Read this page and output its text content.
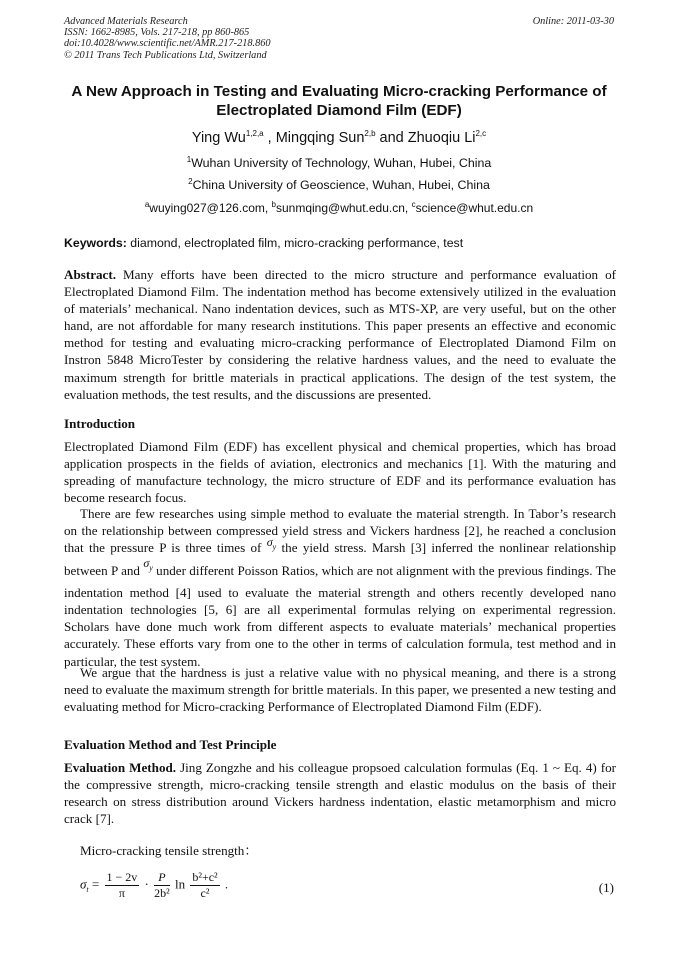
Advanced Materials Research
ISSN: 1662-8985, Vols. 217-218, pp 860-865
doi:10.4028/www.scientific.net/AMR.217-218.860
© 2011 Trans Tech Publications Ltd, Switzerland
Online: 2011-03-30
A New Approach in Testing and Evaluating Micro-cracking Performance of Electroplated Diamond Film (EDF)
Ying Wu$^{1,2,a}$ , Mingqing Sun$^{2,b}$ and Zhuoqiu Li$^{2,c}$
$^1$Wuhan University of Technology, Wuhan, Hubei, China
$^2$China University of Geoscience, Wuhan, Hubei, China
$^a$wuying027@126.com, $^b$sunmqing@whut.edu.cn, $^c$science@whut.edu.cn
Keywords: diamond, electroplated film, micro-cracking performance, test
Abstract. Many efforts have been directed to the micro structure and performance evaluation of Electroplated Diamond Film. The indentation method has become extensively utilized in the evaluation of materials’ mechanical. Nano indentation devices, such as MTS-XP, are very useful, but on the other hand, are not affordable for many research institutions. This paper presents an effective and economic method for testing and evaluating micro-cracking performance of Electroplated Diamond Film on Instron 5848 MicroTester by considering the relative hardness values, and the need to evaluate the maximum strength for brittle materials in practical applications. The design of the test system, the evaluation methods, the test results, and the discussions are presented.
Introduction
Electroplated Diamond Film (EDF) has excellent physical and chemical properties, which has broad application prospects in the fields of aviation, electronics and mechanics [1]. With the maturing and spreading of manufacture technology, the micro structure of EDF and its performance evaluation has become research focus.
There are few researches using simple method to evaluate the material strength. In Tabor’s research on the relationship between compressed yield stress and Vickers hardness [2], he reached a conclusion that the pressure P is three times of $\sigma_y$ the yield stress. Marsh [3] inferred the nonlinear relationship between P and $\sigma_y$ under different Poisson Ratios, which are not alignment with the previous findings. The indentation method [4] used to evaluate the material strength and others recently developed nano indentation technologies [5, 6] are all experimental formulas relying on experimental regression. Scholars have done much work from different aspects to evaluate materials’ mechanical properties accurately. These efforts vary from one to the other in terms of calculation formula, test method and in particular, the test system.
We argue that the hardness is just a relative value with no physical meaning, and there is a strong need to evaluate the maximum strength for brittle materials. In this paper, we presented a new testing and evaluating method for Micro-cracking Performance of Electroplated Diamond Film (EDF).
Evaluation Method and Test Principle
Evaluation Method. Jing Zongzhe and his colleague propsoed calculation formulas (Eq. 1 ~ Eq. 4) for the compressive strength, micro-cracking tensile strength and elastic modulus on the basis of their research on stress distribution around Vickers hardness indentation, elastic metamorphism and micro crack [7].
Micro-cracking tensile strength：
$\sigma_t = \frac{1 - 2v}{\pi} \cdot \frac{P}{\text{2b²}}$ $\ln \frac{\text{b²+c²}}{\text{c²}}$ .	(1)
